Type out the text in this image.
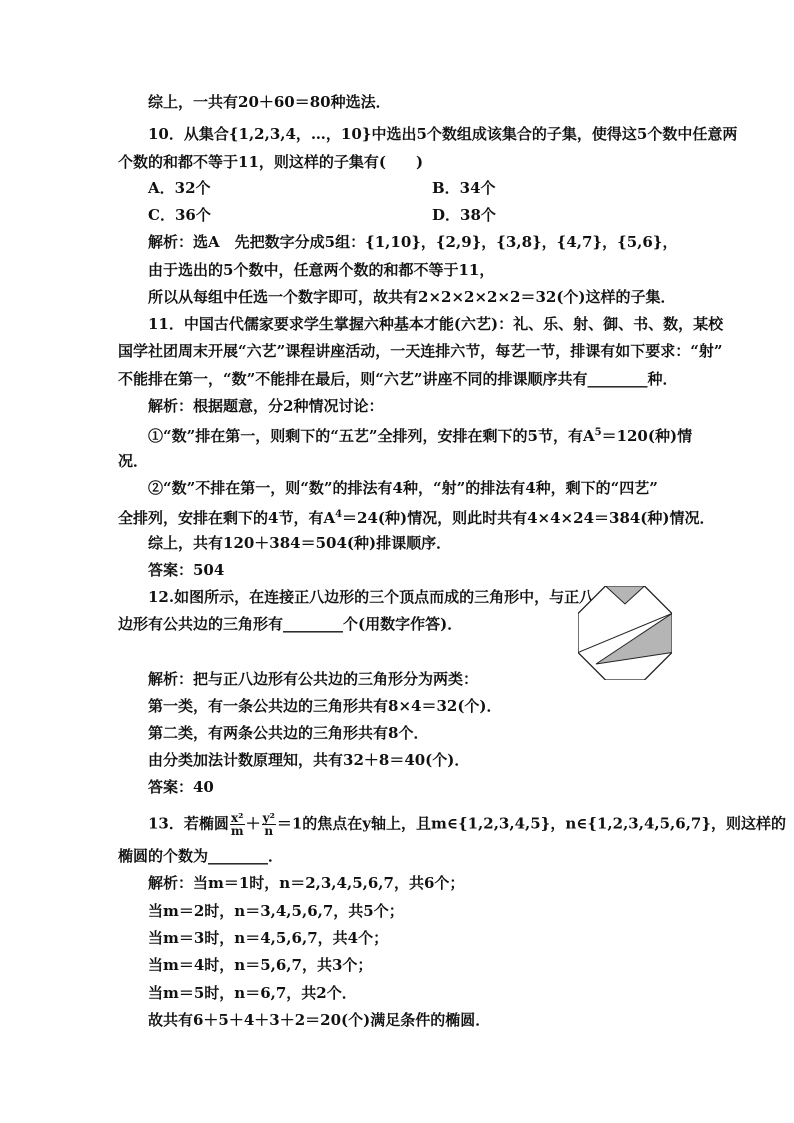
综上，一共有20＋60＝80种选法．
10．从集合{1,2,3,4，…，10}中选出5个数组成该集合的子集，使得这5个数中任意两
个数的和都不等于11，则这样的子集有(　　)
A．32个	B．34个
C．36个	D．38个
解析：选A　先把数字分成5组：{1,10}，{2,9}，{3,8}，{4,7}，{5,6}，
由于选出的5个数中，任意两个数的和都不等于11，
所以从每组中任选一个数字即可，故共有2×2×2×2×2＝32(个)这样的子集．
11．中国古代儒家要求学生掌握六种基本才能(六艺)：礼、乐、射、御、书、数，某校
国学社团周末开展“六艺”课程讲座活动，一天连排六节，每艺一节，排课有如下要求：“射”
不能排在第一，“数”不能排在最后，则“六艺”讲座不同的排课顺序共有________种．
解析：根据题意，分2种情况讨论：
①“数”排在第一，则剩下的“五艺”全排列，安排在剩下的5节，有$A^5=120$(种)情
况．
②“数”不排在第一，则“数”的排法有4种，“射”的排法有4种，剩下的“四艺”
全排列，安排在剩下的4节，有$A^4=24$(种)情况，则此时共有4×4×24＝384(种)情况．
综上，共有120＋384＝504(种)排课顺序．
答案：504
12.如图所示，在连接正八边形的三个顶点而成的三角形中，与正八
边形有公共边的三角形有________个(用数字作答)．
解析：把与正八边形有公共边的三角形分为两类：
第一类，有一条公共边的三角形共有8×4＝32(个)．
第二类，有两条公共边的三角形共有8个．
由分类加法计数原理知，共有32＋8＝40(个)．
答案：40
13．若椭圆 $\frac{\text{x²}}{m} + \frac{\text{y²}}{n} =1$的焦点在y轴上，且m∈{1,2,3,4,5}，n∈{1,2,3,4,5,6,7}，则这样的
椭圆的个数为________．
解析：当m＝1时，n＝2,3,4,5,6,7，共6个；
当m＝2时，n＝3,4,5,6,7，共5个；
当m＝3时，n＝4,5,6,7，共4个；
当m＝4时，n＝5,6,7，共3个；
当m＝5时，n＝6,7，共2个．
故共有6＋5＋4＋3＋2＝20(个)满足条件的椭圆．
